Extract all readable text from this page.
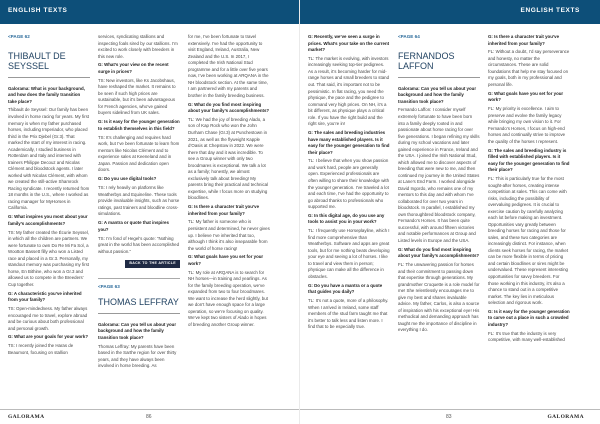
ENGLISH TEXTS
<PAGE 62
THIBAULT DE SEYSSEL

Galorama: What is your background, and how does the family transition take place?

Thibault de Seyssel: Our family has been involved in horse racing for years. My first memory is when my father purchased horses, including Imperiador, who placed third in the Prix Djebel (Gr.3). That marked the start of my interest in racing. Academically, I studied business in Rotterdam and Italy and interned with trainers Philippe Decouz and Nicolas Clément and bloodstock agents. I later worked with Nicolas Clément, with whom we created the still-active Shamrock Racing syndicate. I recently returned from 18 months in the U.S., where I worked as racing manager for MyHorses in California.

G: What inspires you most about your family’s accomplishments?

TS: My father created the Écurie Seyssel, in which all the children are partners. We were fortunate to own Do Re Mi Fa Sol, a Wootton Bassett filly who won a Listed race and placed in a Gr.3. Personally, my standout memory was purchasing my first horse, En Bithine, who won a Gr.3 and allowed us to compete in the Breeders’ Cup together.

G: A characteristic you’ve inherited from your family?

TS: Open-mindedness. My father always encouraged me to travel, explore abroad and be curious about both professional and personal growth.

G: What are your goals for your work?

TS: I recently joined the Haras de Beaumont, focusing on stallion

services, syndicating stallions and inspecting foals sired by our stallions. I’m excited to work closely with breeders in this new role.

G: What’s your view on the recent surge in prices?

TS: New investors, like Ks Jacobshaus, have reshaped the market. It remains to be seen if such high prices are sustainable, but it’s been advantageous for French agencies, who’ve gained buyers sidelined from UK sales.

G: Is it easy for the younger generation to establish themselves in this field?

TS: It’s challenging and requires hard work, but I’ve been fortunate to learn from mentors like Nicolas Clément and to experience sales at Keeneland and in Japan. Passion and dedication open doors.

G: Do you use digital tools?

TS: I rely heavily on platforms like Weatherbys and Equineline. These tools provide invaluable insights, such as horse ratings, past trainers and bloodline cross-simulations.

G: A mantra or quote that inspires you?

TS: I’m fond of Hegel’s quote: “Nothing great in the world has been accomplished without passion.”

BACK TO THE ARTICLE
<PAGE 63
THOMAS LEFFRAY

Galorama: Can you tell us about your background and how the family transition took place?

Thomas Leffray: My parents have been based in the Sarthe region for over thirty years, and they have always been involved in horse breeding. As

for me, I’ve been fortunate to travel extensively. I’ve had the opportunity to visit England, Ireland, Australia, New Zealand and the U.S. In 2017, I completed the Irish National Stud programme and for a little over five years now, I’ve been working at ARQANA in the NH bloodstock section. At the same time, I am partnered with my parents and brother in the family breeding business.

G: What do you find most inspiring about your family’s accomplishments?

TL: We had the joy of breeding Alado, a son of Kap Rock who won the John Durham Chase (Gr.3) at Punchestown in 2021, as well as the flyweight Kapple d’Oasis at Chepstow in 2022. We were there that day and it was incredible. To see a Group winner with only two broodmares is exceptional. We talk a lot as a family; honestly, we almost exclusively talk about breeding! My parents bring their practical and technical expertise, while I focus more on studying bloodlines.

G: Is there a character trait you’ve inherited from your family?

TL: My father is someone who is persistent and determined, he never gives up. I believe I’ve inherited that too, although I think it’s also inseparable from the world of horse racing!

G: What goals have you set for your work?

TL: My role at ARQANA is to search for NH horses—in training and yearlings. As for the family breeding operation, we’ve expanded from two to four broodmares. We want to increase the herd slightly, but we don’t have enough space for a large operation, so we’re focusing on quality. We’ve kept two sisters of Alado in hopes of breeding another Group winner.

GALORAMA	86
ENGLISH TEXTS

G: Recently, we’ve seen a surge in prices. What’s your take on the current market?

TL: The market is evolving, with investors increasingly seeking top-tier pedigrees. As a result, it’s becoming harder for mid-range horses and small breeders to stand out. That said, it’s important not to be pessimistic. In flat racing, you need the physique, the pace and the pedigree to command very high prices. On NH, it’s a bit different, as physique plays a critical role. If you have the right build and the right sire, you’re in!

G: The sales and breeding industries have many established players. Is it easy for the younger generation to find their place?

TL: I believe that when you show passion and work hard, people are generally open. Experienced professionals are often willing to share their knowledge with the younger generation. I’ve traveled a lot and each time, I’ve had the opportunity to go abroad thanks to professionals who supported me.

G: In this digital age, do you use any tools to assist you in your work?

TL: I frequently use Horseplayline, which I find more comprehensive than Weatherbys. Software and apps are great tools, but for me nothing beats developing your eye and seeing a lot of horses. I like to travel and view them in person; physique can make all the difference in obstacles.

G: Do you have a mantra or a quote that guides you daily?

TL: It’s not a quote, more of a philosophy. When I arrived in Ireland, some staff members of the stud farm taught me that it’s better to talk less and listen more. I find that to be especially true.

<PAGE 64
FERNANDOS LAFFON

Galorama: Can you tell us about your background and how the family transition took place?

Fernando Laffon: I consider myself extremely fortunate to have been born into a family deeply rooted in and passionate about horse racing for over five generations. I began refining my skills during my school vacations and later gained experience in France, Ireland and the USA. I joined the Irish National Stud, which allowed me to discover aspects of breeding that were new to me, and then continued my journey in the United States at Lane’s End Farm. I worked alongside David Ingordo, who remains one of my mentors to this day and with whom I’ve collaborated for over two years in bloodstock. In parallel, I established my own thoroughbred bloodstock company, Fernando’s Horses. It has been quite successful, with around fifteen victories and notable performances at Group and Listed levels in Europe and the USA.

G: What do you find most inspiring about your family’s accomplishments?

FL: The unwavering passion for horses and their commitment to passing down that expertise through generations. My grandmother Croquette is a role model for me! She relentlessly encourages me to give my best and shares invaluable advice. My father, Carlos, is also a source of inspiration with his exceptional eye! His methodical and demanding approach has taught me the importance of discipline in everything I do.

G: Is there a character trait you’ve inherited from your family?

FL: Without a doubt, I’d say perseverance and honesty, no matter the circumstances. These are solid foundations that help me stay focused on my goals, both in my professional and personal life.

G: What goals have you set for your work?

FL: My priority is excellence. I aim to preserve and evolve the family legacy while bringing my own vision to it. For Fernando’s Horses, I focus on high-end horses and continually strive to improve the quality of the horses I represent.

G: The sales and breeding industry is filled with established players. Is it easy for the younger generation to find their place?

FL: This is particularly true for the most sought-after horses, creating intense competition at sales. This can come with risks, including the possibility of overvaluing pedigrees. It is crucial to exercise caution by carefully analyzing each lot before making an investment. Opportunities vary greatly between breeding horses for racing and those for sales, and these two categories are increasingly distinct. For instance, when clients seek horses for racing, the market can be more flexible in terms of pricing and certain bloodlines or sires might be undervalued. These represent interesting opportunities for savvy breeders. For those working in this industry, it’s also a chance to stand out in a competitive market. The key lies in meticulous selection and rigorous work.

G: Is it easy for the younger generation to carve out a place in such a crowded industry?

FL: It’s true that the industry is very competitive, with many well-established

83	GALORAMA
